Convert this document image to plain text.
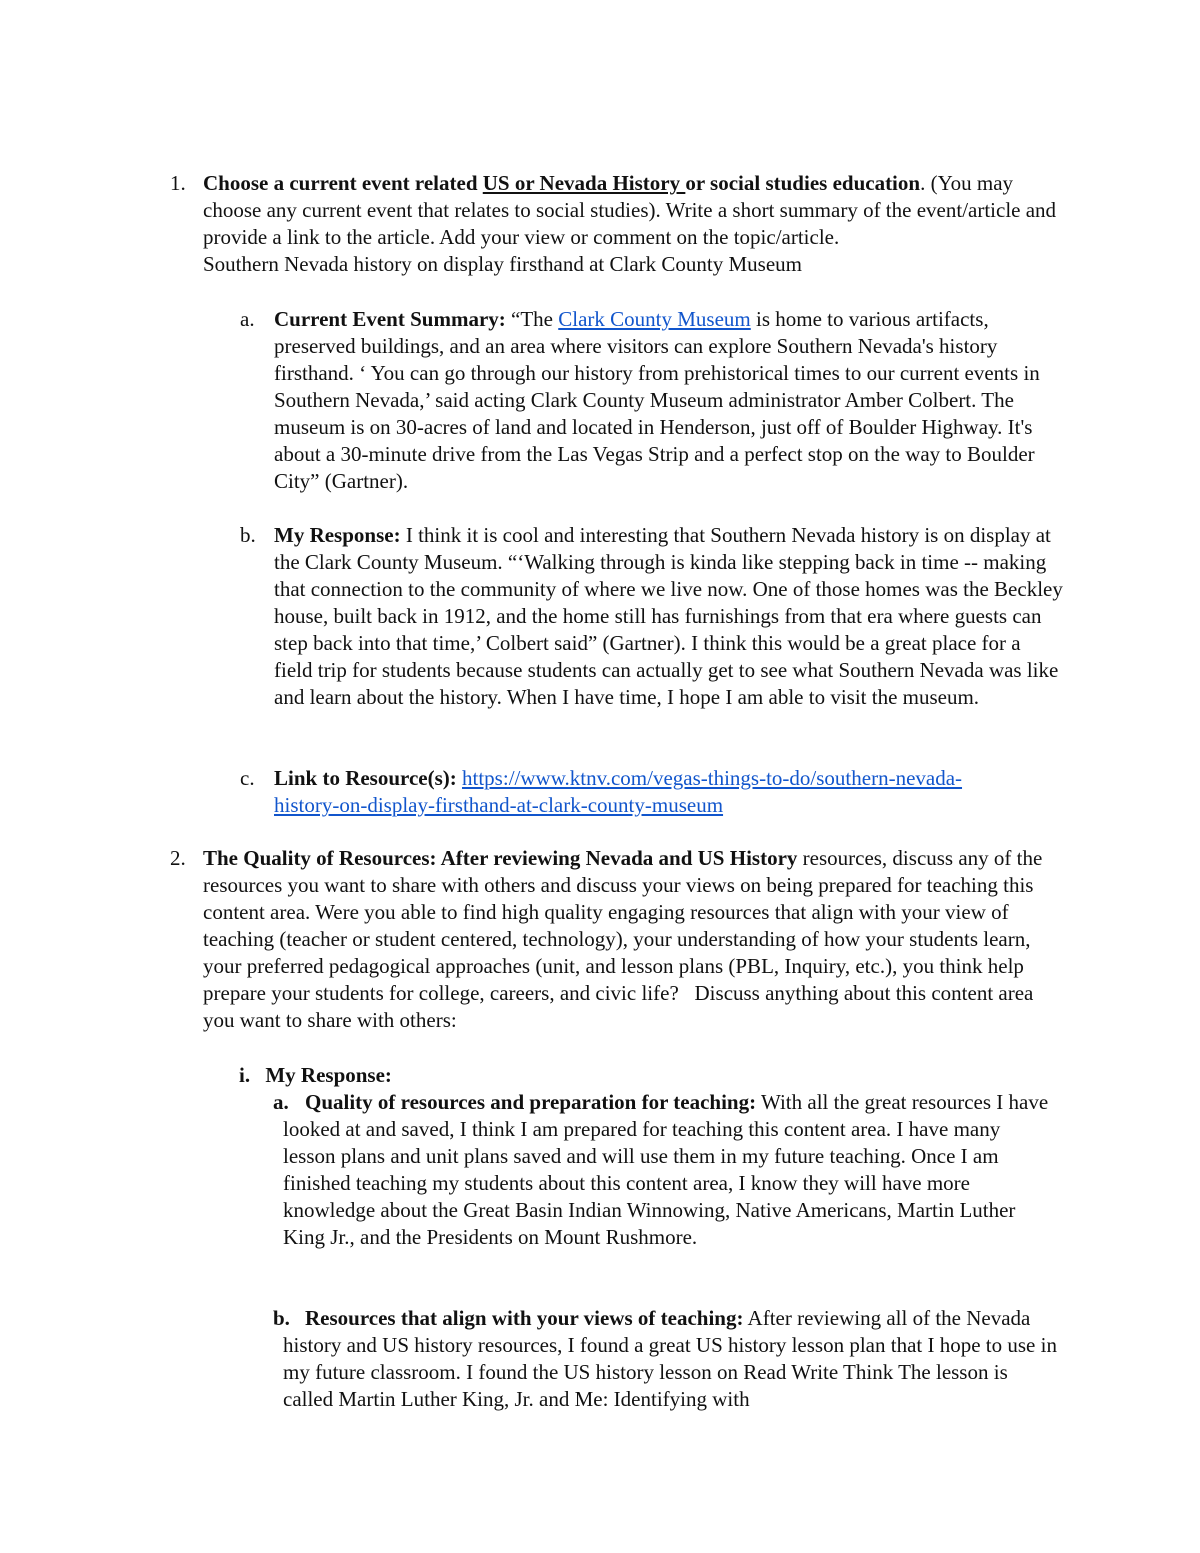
1. Choose a current event related US or Nevada History or social studies education. (You may choose any current event that relates to social studies). Write a short summary of the event/article and provide a link to the article. Add your view or comment on the topic/article.

Southern Nevada history on display firsthand at Clark County Museum

a. Current Event Summary: “The Clark County Museum is home to various artifacts, preserved buildings, and an area where visitors can explore Southern Nevada's history firsthand. ‘ You can go through our history from prehistorical times to our current events in Southern Nevada,’ said acting Clark County Museum administrator Amber Colbert. The museum is on 30-acres of land and located in Henderson, just off of Boulder Highway. It's about a 30-minute drive from the Las Vegas Strip and a perfect stop on the way to Boulder City” (Gartner).
b. My Response: I think it is cool and interesting that Southern Nevada history is on display at the Clark County Museum. “‘Walking through is kinda like stepping back in time -- making that connection to the community of where we live now. One of those homes was the Beckley house, built back in 1912, and the home still has furnishings from that era where guests can step back into that time,’ Colbert said” (Gartner). I think this would be a great place for a field trip for students because students can actually get to see what Southern Nevada was like and learn about the history. When I have time, I hope I am able to visit the museum.
c. Link to Resource(s): https://www.ktnv.com/vegas-things-to-do/southern-nevada-
history-on-display-firsthand-at-clark-county-museum
2. The Quality of Resources: After reviewing Nevada and US History resources, discuss any of the resources you want to share with others and discuss your views on being prepared for teaching this content area. Were you able to find high quality engaging resources that align with your view of teaching (teacher or student centered, technology), your understanding of how your students learn, your preferred pedagogical approaches (unit, and lesson plans (PBL, Inquiry, etc.), you think help prepare your students for college, careers, and civic life?   Discuss anything about this content area you want to share with others:
i. My Response:
a. Quality of resources and preparation for teaching: With all the great resources I have looked at and saved, I think I am prepared for teaching this content area. I have many lesson plans and unit plans saved and will use them in my future teaching. Once I am finished teaching my students about this content area, I know they will have more knowledge about the Great Basin Indian Winnowing, Native Americans, Martin Luther King Jr., and the Presidents on Mount Rushmore.
b. Resources that align with your views of teaching: After reviewing all of the Nevada history and US history resources, I found a great US history lesson plan that I hope to use in my future classroom. I found the US history lesson on Read Write Think The lesson is called Martin Luther King, Jr. and Me: Identifying with
